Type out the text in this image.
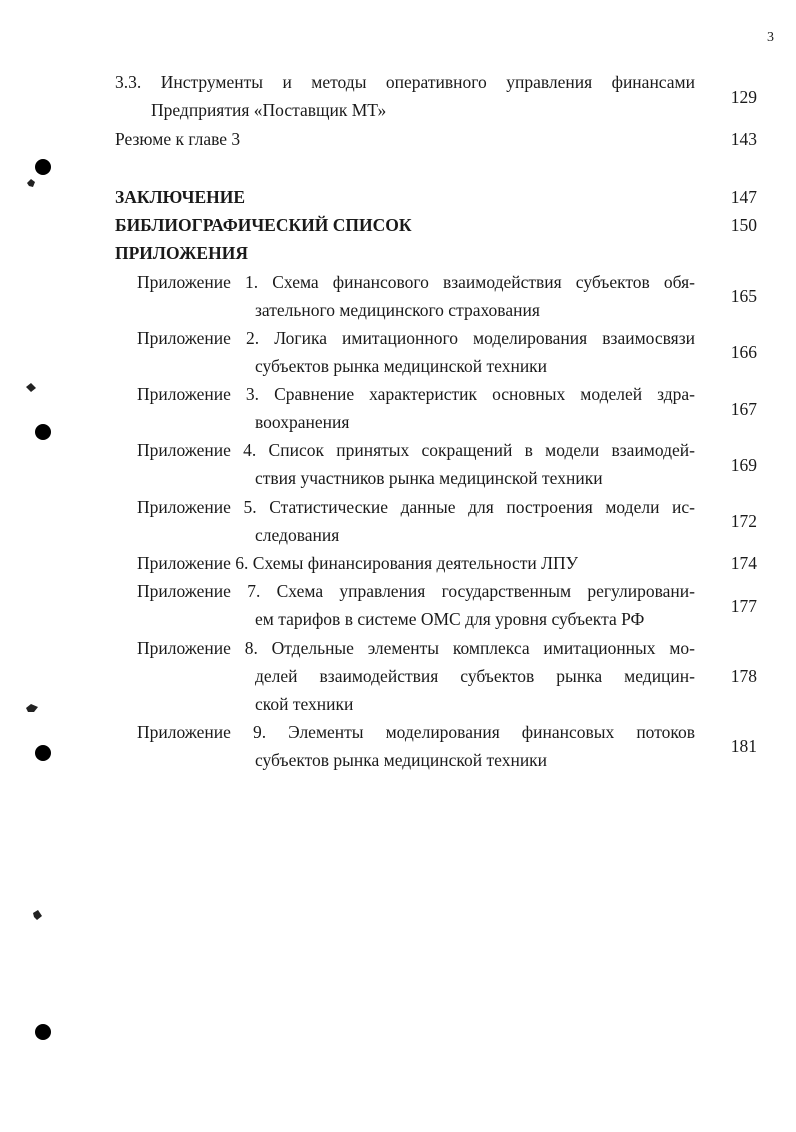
3
3.3. Инструменты и методы оперативного управления финансами
Предприятия «Поставщик МТ»
129
Резюме к главе 3	143
ЗАКЛЮЧЕНИЕ	147
БИБЛИОГРАФИЧЕСКИЙ СПИСОК	150
ПРИЛОЖЕНИЯ
Приложение 1. Схема финансового взаимодействия субъектов обя-
зательного медицинского страхования
165
Приложение 2. Логика имитационного моделирования взаимосвязи
субъектов рынка медицинской техники
166
Приложение 3. Сравнение характеристик основных моделей здра-
воохранения
167
Приложение 4. Список принятых сокращений в модели взаимодей-
ствия участников рынка медицинской техники
169
Приложение 5. Статистические данные для построения модели ис-
следования
172
Приложение 6. Схемы финансирования деятельности ЛПУ	174
Приложение 7. Схема управления государственным регулировани-
ем тарифов в системе ОМС для уровня субъекта РФ
177
Приложение 8. Отдельные элементы комплекса имитационных мо-
делей взаимодействия субъектов рынка медицин-
ской техники
178
Приложение 9. Элементы моделирования финансовых потоков
субъектов рынка медицинской техники
181
